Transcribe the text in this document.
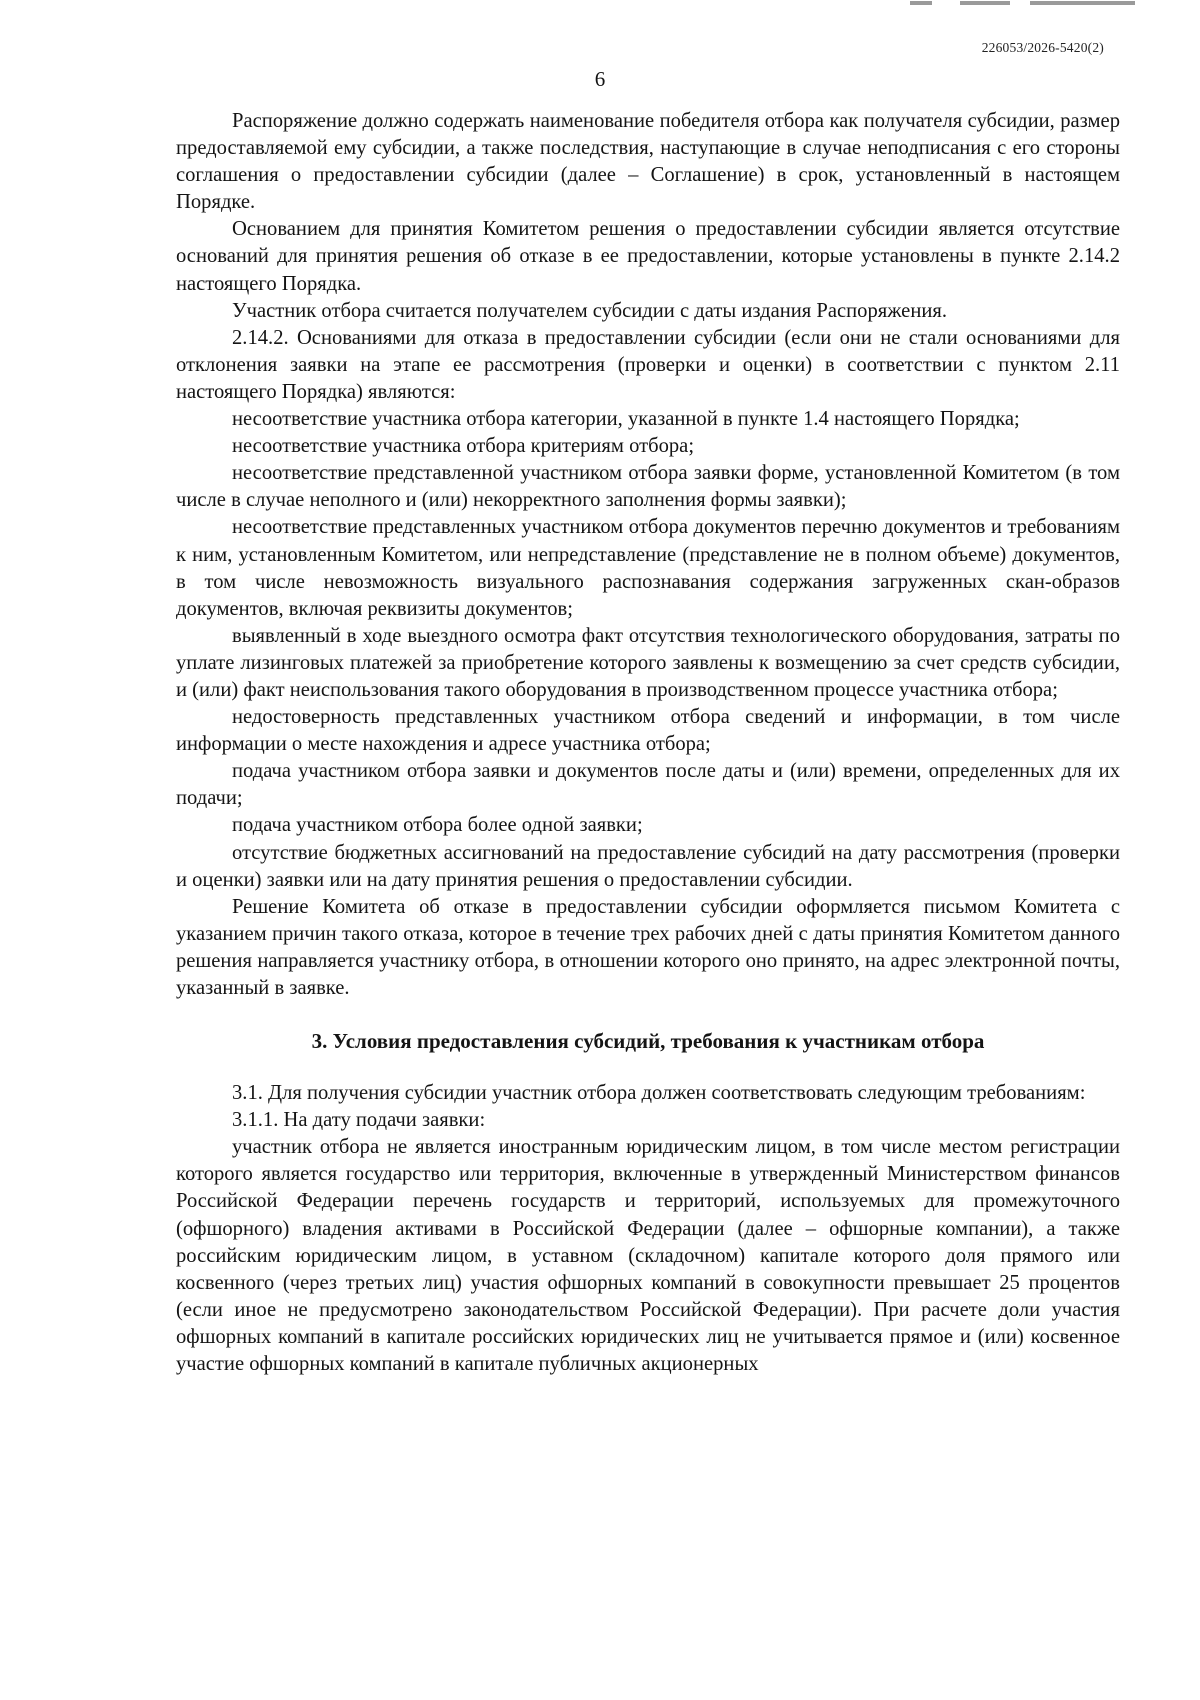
226053/2026-5420(2)
6

Распоряжение должно содержать наименование победителя отбора как получателя субсидии, размер предоставляемой ему субсидии, а также последствия, наступающие в случае неподписания с его стороны соглашения о предоставлении субсидии (далее – Соглашение) в срок, установленный в настоящем Порядке.

Основанием для принятия Комитетом решения о предоставлении субсидии является отсутствие оснований для принятия решения об отказе в ее предоставлении, которые установлены в пункте 2.14.2 настоящего Порядка.

Участник отбора считается получателем субсидии с даты издания Распоряжения.

2.14.2. Основаниями для отказа в предоставлении субсидии (если они не стали основаниями для отклонения заявки на этапе ее рассмотрения (проверки и оценки) в соответствии с пунктом 2.11 настоящего Порядка) являются:

несоответствие участника отбора категории, указанной в пункте 1.4 настоящего Порядка;

несоответствие участника отбора критериям отбора;

несоответствие представленной участником отбора заявки форме, установленной Комитетом (в том числе в случае неполного и (или) некорректного заполнения формы заявки);

несоответствие представленных участником отбора документов перечню документов и требованиям к ним, установленным Комитетом, или непредставление (представление не в полном объеме) документов, в том числе невозможность визуального распознавания содержания загруженных скан-образов документов, включая реквизиты документов;

выявленный в ходе выездного осмотра факт отсутствия технологического оборудования, затраты по уплате лизинговых платежей за приобретение которого заявлены к возмещению за счет средств субсидии, и (или) факт неиспользования такого оборудования в производственном процессе участника отбора;

недостоверность представленных участником отбора сведений и информации, в том числе информации о месте нахождения и адресе участника отбора;

подача участником отбора заявки и документов после даты и (или) времени, определенных для их подачи;

подача участником отбора более одной заявки;

отсутствие бюджетных ассигнований на предоставление субсидий на дату рассмотрения (проверки и оценки) заявки или на дату принятия решения о предоставлении субсидии.

Решение Комитета об отказе в предоставлении субсидии оформляется письмом Комитета с указанием причин такого отказа, которое в течение трех рабочих дней с даты принятия Комитетом данного решения направляется участнику отбора, в отношении которого оно принято, на адрес электронной почты, указанный в заявке.

3. Условия предоставления субсидий, требования к участникам отбора

3.1. Для получения субсидии участник отбора должен соответствовать следующим требованиям:

3.1.1. На дату подачи заявки:

участник отбора не является иностранным юридическим лицом, в том числе местом регистрации которого является государство или территория, включенные в утвержденный Министерством финансов Российской Федерации перечень государств и территорий, используемых для промежуточного (офшорного) владения активами в Российской Федерации (далее – офшорные компании), а также российским юридическим лицом, в уставном (складочном) капитале которого доля прямого или косвенного (через третьих лиц) участия офшорных компаний в совокупности превышает 25 процентов (если иное не предусмотрено законодательством Российской Федерации). При расчете доли участия офшорных компаний в капитале российских юридических лиц не учитывается прямое и (или) косвенное участие офшорных компаний в капитале публичных акционерных
